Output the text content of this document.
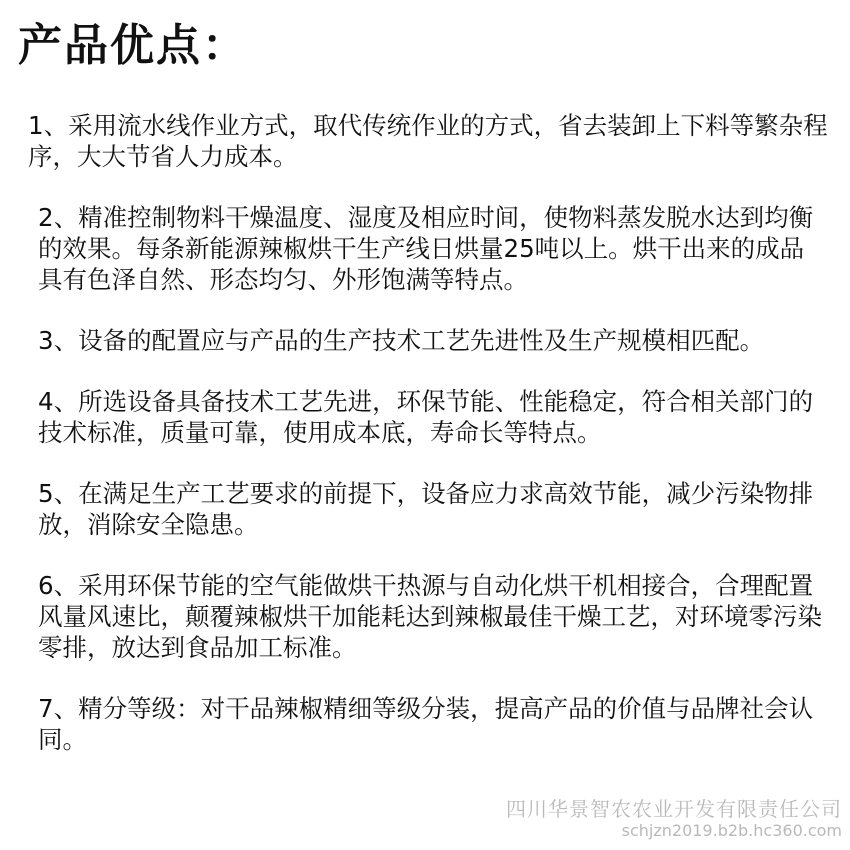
产品优点：

1、采用流水线作业方式，取代传统作业的方式，省去装卸上下料等繁杂程序，大大节省人力成本。

2、精准控制物料干燥温度、湿度及相应时间，使物料蒸发脱水达到均衡的效果。每条新能源辣椒烘干生产线日烘量25吨以上。烘干出来的成品具有色泽自然、形态均匀、外形饱满等特点。

3、设备的配置应与产品的生产技术工艺先进性及生产规模相匹配。

4、所选设备具备技术工艺先进，环保节能、性能稳定，符合相关部门的技术标准，质量可靠，使用成本底，寿命长等特点。

5、在满足生产工艺要求的前提下，设备应力求高效节能，减少污染物排放，消除安全隐患。

6、采用环保节能的空气能做烘干热源与自动化烘干机相接合，合理配置风量风速比，颠覆辣椒烘干加能耗达到辣椒最佳干燥工艺，对环境零污染零排，放达到食品加工标准。

7、精分等级：对干品辣椒精细等级分装，提高产品的价值与品牌社会认同。

四川华景智农农业开发有限责任公司
schjzn2019.b2b.hc360.com
